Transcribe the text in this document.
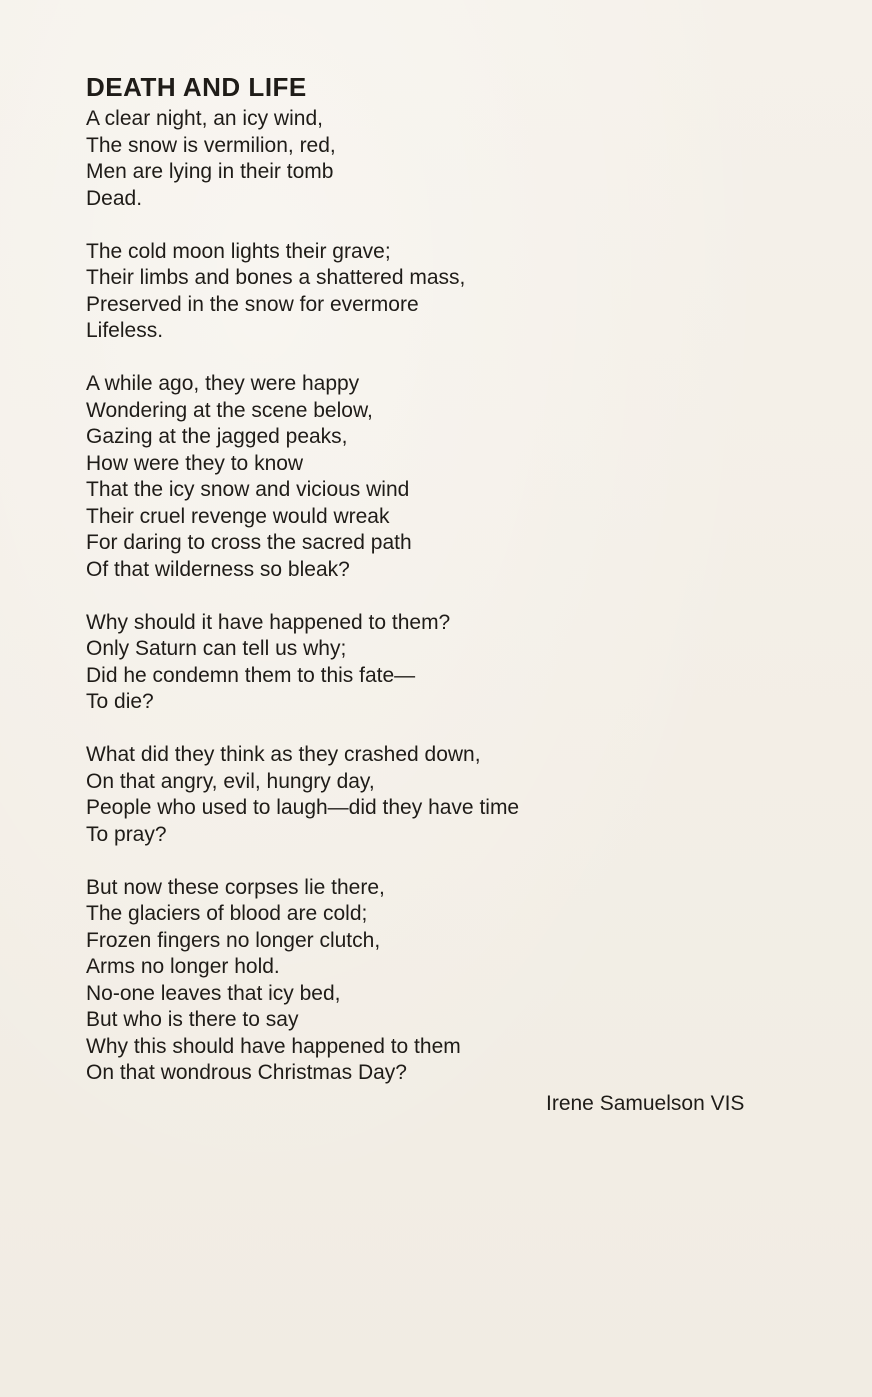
DEATH AND LIFE
A clear night, an icy wind,
The snow is vermilion, red,
Men are lying in their tomb
Dead.
The cold moon lights their grave;
Their limbs and bones a shattered mass,
Preserved in the snow for evermore
Lifeless.
A while ago, they were happy
Wondering at the scene below,
Gazing at the jagged peaks,
How were they to know
That the icy snow and vicious wind
Their cruel revenge would wreak
For daring to cross the sacred path
Of that wilderness so bleak?
Why should it have happened to them?
Only Saturn can tell us why;
Did he condemn them to this fate—
To die?
What did they think as they crashed down,
On that angry, evil, hungry day,
People who used to laugh—did they have time
To pray?
But now these corpses lie there,
The glaciers of blood are cold;
Frozen fingers no longer clutch,
Arms no longer hold.
No-one leaves that icy bed,
But who is there to say
Why this should have happened to them
On that wondrous Christmas Day?
Irene Samuelson VIS
